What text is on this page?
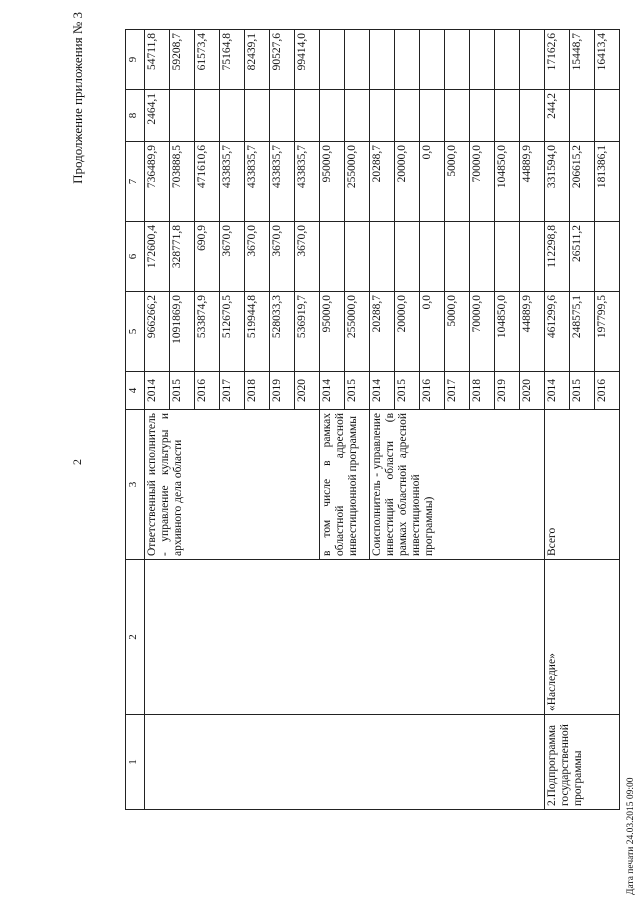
2
Продолжение приложения № 3
1	2	3	4	5	6	7	8	9
		Ответственный исполнитель - управление культуры и архивного дела области	2014	966266,2	172600,4	736489,9	2464,1	54711,8
			2015	1091869,0	328771,8	703888,5		59208,7
			2016	533874,9	690,9	471610,6		61573,4
			2017	512670,5	3670,0	433835,7		75164,8
			2018	519944,8	3670,0	433835,7		82439,1
			2019	528033,3	3670,0	433835,7		90527,6
			2020	536919,7	3670,0	433835,7		99414,0
		в том числе в рамках областной адресной инвестиционной программы	2014	95000,0		95000,0		
			2015	255000,0		255000,0		
		Соисполнитель - управление инвестиций области (в рамках областной адресной инвестиционной программы)	2014	20288,7		20288,7		
			2015	20000,0		20000,0		
			2016	0,0		0,0		
			2017	5000,0		5000,0		
			2018	70000,0		70000,0		
			2019	104850,0		104850,0		
			2020	44889,9		44889,9		
2.Подпрограмма государственной программы	«Наследие»	Всего	2014	461299,6	112298,8	331594,0	244,2	17162,6
			2015	248575,1	26511,2	206615,2		15448,7
			2016	197799,5		181386,1		16413,4
Дата печати 24.03.2015 09:00
